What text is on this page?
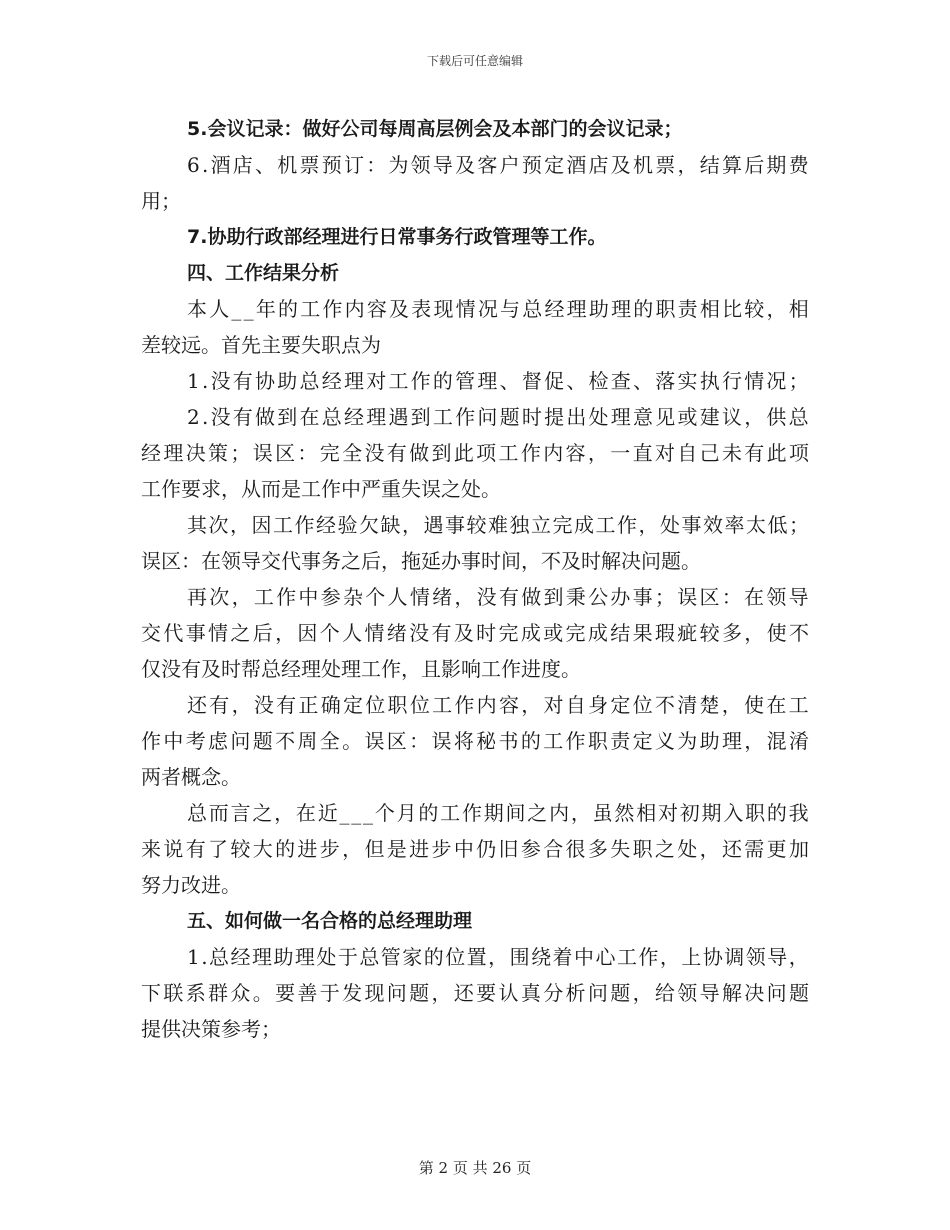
下载后可任意编辑
5.会议记录：做好公司每周高层例会及本部门的会议记录；
6 . 酒 店 、 机 票 预 订 ： 为 领 导 及 客 户 预 定 酒 店 及 机 票 ， 结 算 后 期 费
用；
7.协助行政部经理进行日常事务行政管理等工作。
四、工作结果分析
本 人 _ _ 年 的 工 作 内 容 及 表 现 情 况 与 总 经 理 助 理 的 职 责 相 比 较 ， 相
差较远。首先主要失职点为
1 . 没 有 协 助 总 经 理 对 工 作 的 管 理 、 督 促 、 检 查 、 落 实 执 行 情 况 ；
2 . 没 有 做 到 在 总 经 理 遇 到 工 作 问 题 时 提 出 处 理 意 见 或 建 议 ， 供 总
经 理 决 策 ； 误 区 ： 完 全 没 有 做 到 此 项 工 作 内 容 ， 一 直 对 自 己 未 有 此 项
工作要求，从而是工作中严重失误之处。
其 次 ， 因 工 作 经 验 欠 缺 ， 遇 事 较 难 独 立 完 成 工 作 ， 处 事 效 率 太 低 ；
误区：在领导交代事务之后，拖延办事时间，不及时解决问题。
再 次 ， 工 作 中 参 杂 个 人 情 绪 ， 没 有 做 到 秉 公 办 事 ； 误 区 ： 在 领 导
交 代 事 情 之 后 ， 因 个 人 情 绪 没 有 及 时 完 成 或 完 成 结 果 瑕 疵 较 多 ， 使 不
仅没有及时帮总经理处理工作，且影响工作进度。
还 有 ， 没 有 正 确 定 位 职 位 工 作 内 容 ， 对 自 身 定 位 不 清 楚 ， 使 在 工
作 中 考 虑 问 题 不 周 全 。 误 区 ： 误 将 秘 书 的 工 作 职 责 定 义 为 助 理 ， 混 淆
两者概念。
总 而 言 之 ， 在 近 _ _ _ 个 月 的 工 作 期 间 之 内 ， 虽 然 相 对 初 期 入 职 的 我
来 说 有 了 较 大 的 进 步 ， 但 是 进 步 中 仍 旧 参 合 很 多 失 职 之 处 ， 还 需 更 加
努力改进。
五、如何做一名合格的总经理助理
1 . 总 经 理 助 理 处 于 总 管 家 的 位 置 ， 围 绕 着 中 心 工 作 ， 上 协 调 领 导 ，
下 联 系 群 众 。 要 善 于 发 现 问 题 ， 还 要 认 真 分 析 问 题 ， 给 领 导 解 决 问 题
提供决策参考；
第 2 页 共 26 页
